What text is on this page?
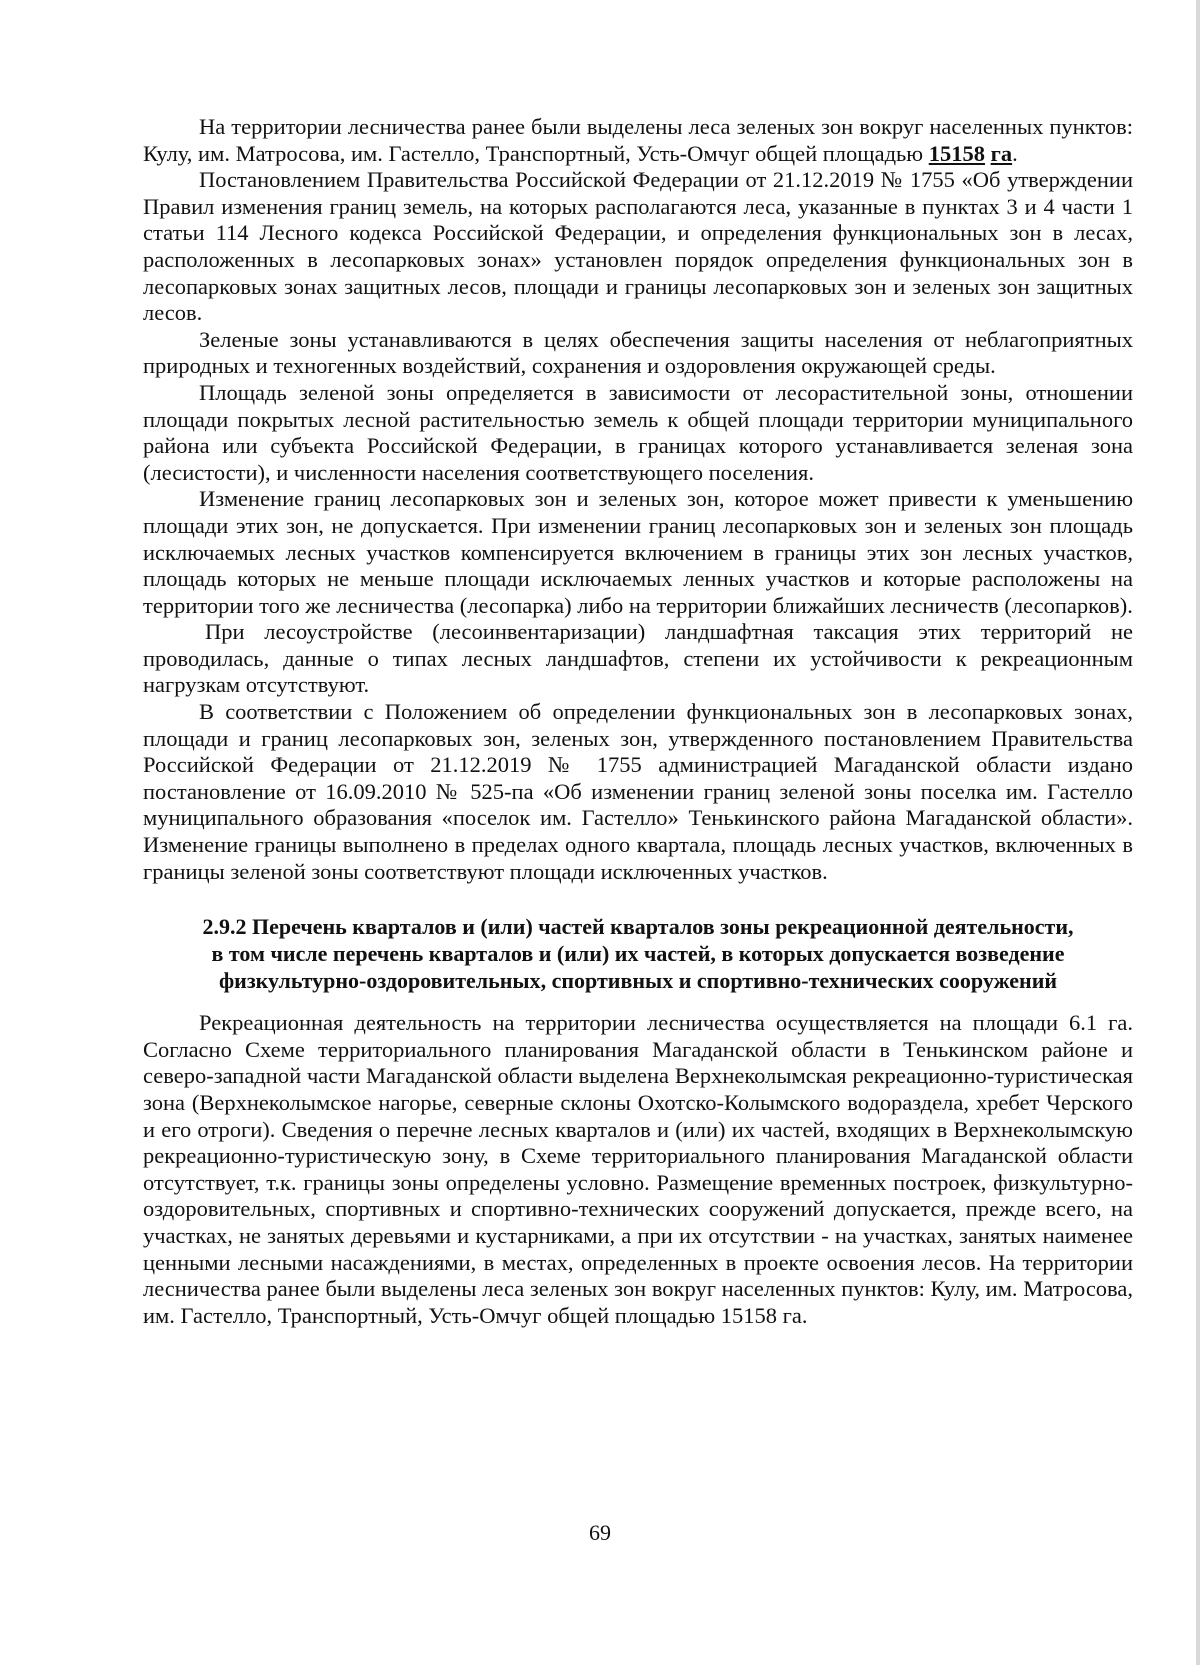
На территории лесничества ранее были выделены леса зеленых зон вокруг населенных пунктов: Кулу, им. Матросова, им. Гастелло, Транспортный, Усть-Омчуг общей площадью 15158 га.

Постановлением Правительства Российской Федерации от 21.12.2019 № 1755 «Об утверждении Правил изменения границ земель, на которых располагаются леса, указанные в пунктах 3 и 4 части 1 статьи 114 Лесного кодекса Российской Федерации, и определения функциональных зон в лесах, расположенных в лесопарковых зонах» установлен порядок определения функциональных зон в лесопарковых зонах защитных лесов, площади и границы лесопарковых зон и зеленых зон защитных лесов.

Зеленые зоны устанавливаются в целях обеспечения защиты населения от неблагоприятных природных и техногенных воздействий, сохранения и оздоровления окружающей среды.

Площадь зеленой зоны определяется в зависимости от лесорастительной зоны, отношении площади покрытых лесной растительностью земель к общей площади территории муниципального района или субъекта Российской Федерации, в границах которого устанавливается зеленая зона (лесистости), и численности населения соответствующего поселения.

Изменение границ лесопарковых зон и зеленых зон, которое может привести к уменьшению площади этих зон, не допускается. При изменении границ лесопарковых зон и зеленых зон площадь исключаемых лесных участков компенсируется включением в границы этих зон лесных участков, площадь которых не меньше площади исключаемых ленных участков и которые расположены на территории того же лесничества (лесопарка) либо на территории ближайших лесничеств (лесопарков).

При лесоустройстве (лесоинвентаризации) ландшафтная таксация этих территорий не проводилась, данные о типах лесных ландшафтов, степени их устойчивости к рекреационным нагрузкам отсутствуют.

В соответствии с Положением об определении функциональных зон в лесопарковых зонах, площади и границ лесопарковых зон, зеленых зон, утвержденного постановлением Правительства Российской Федерации от 21.12.2019 № 1755 администрацией Магаданской области издано постановление от 16.09.2010 № 525-па «Об изменении границ зеленой зоны поселка им. Гастелло муниципального образования «поселок им. Гастелло» Тенькинского района Магаданской области». Изменение границы выполнено в пределах одного квартала, площадь лесных участков, включенных в границы зеленой зоны соответствуют площади исключенных участков.

2.9.2 Перечень кварталов и (или) частей кварталов зоны рекреационной деятельности,
в том числе перечень кварталов и (или) их частей, в которых допускается возведение
физкультурно-оздоровительных, спортивных и спортивно-технических сооружений

Рекреационная деятельность на территории лесничества осуществляется на площади 6.1 га. Согласно Схеме территориального планирования Магаданской области в Тенькинском районе и северо-западной части Магаданской области выделена Верхнеколымская рекреационно-туристическая зона (Верхнеколымское нагорье, северные склоны Охотско-Колымского водораздела, хребет Черского и его отроги). Сведения о перечне лесных кварталов и (или) их частей, входящих в Верхнеколымскую рекреационно-туристическую зону, в Схеме территориального планирования Магаданской области отсутствует, т.к. границы зоны определены условно. Размещение временных построек, физкультурно-оздоровительных, спортивных и спортивно-технических сооружений допускается, прежде всего, на участках, не занятых деревьями и кустарниками, а при их отсутствии - на участках, занятых наименее ценными лесными насаждениями, в местах, определенных в проекте освоения лесов. На территории лесничества ранее были выделены леса зеленых зон вокруг населенных пунктов: Кулу, им. Матросова, им. Гастелло, Транспортный, Усть-Омчуг общей площадью 15158 га.

69
